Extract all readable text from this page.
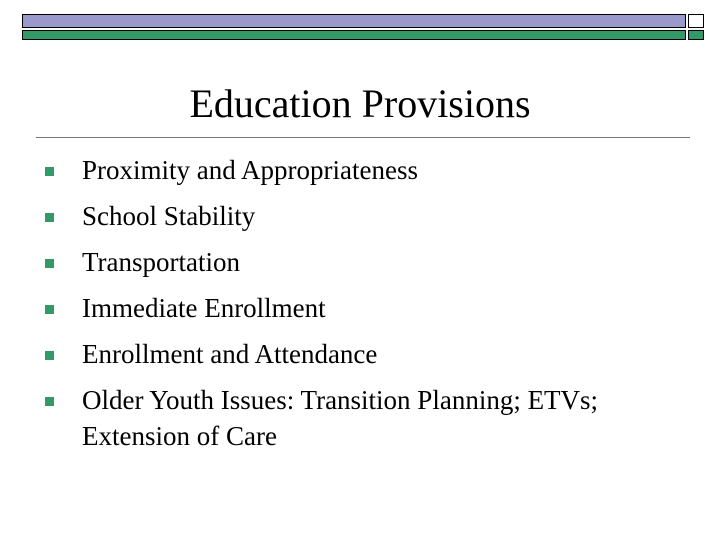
Education Provisions
Proximity and Appropriateness
School Stability
Transportation
Immediate Enrollment
Enrollment and Attendance
Older Youth Issues: Transition Planning; ETVs; Extension of Care
